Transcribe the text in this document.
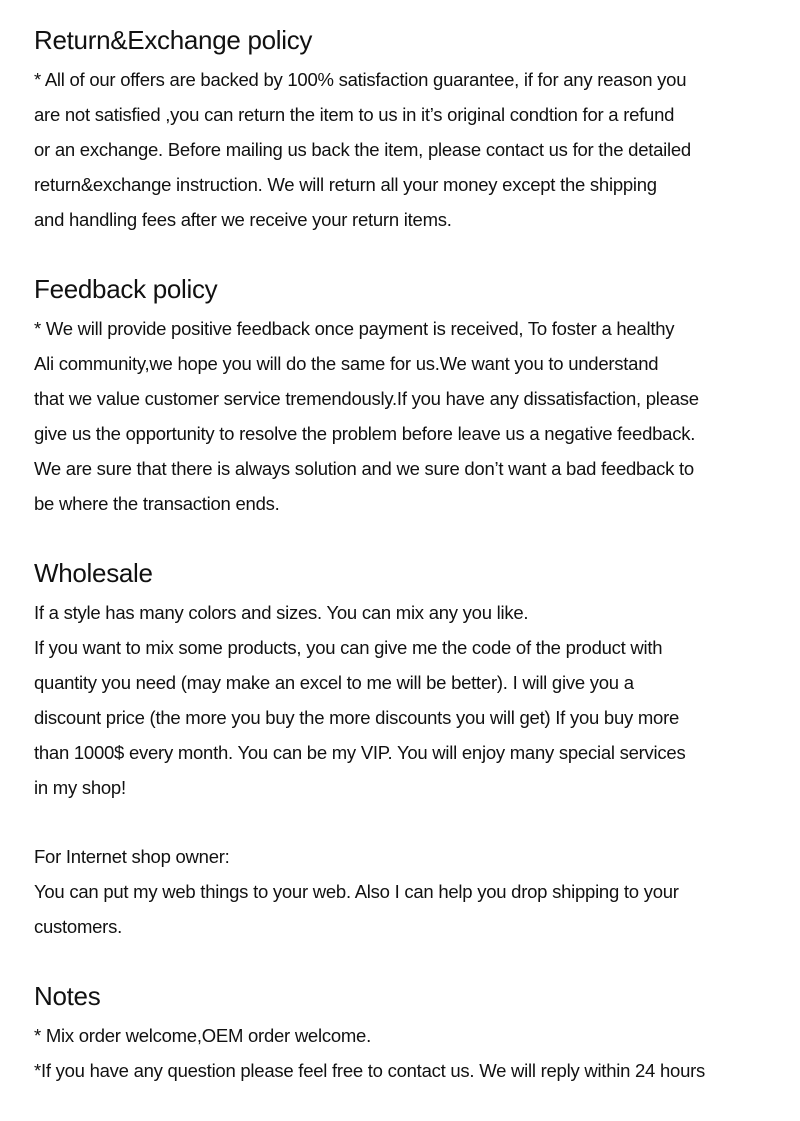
Return&Exchange policy

* All of our offers are backed by 100% satisfaction guarantee, if for any reason you
are not satisfied ,you can return the item to us in it’s original condtion for a refund
or an exchange. Before mailing us back the item, please contact us for the detailed
return&exchange instruction. We will return all your money except the shipping
and handling fees after we receive your return items.

Feedback policy

* We will provide positive feedback once payment is received, To foster a healthy
Ali community,we hope you will do the same for us.We want you to understand
that we value customer service tremendously.If you have any dissatisfaction, please
give us the opportunity to resolve the problem before leave us a negative feedback.
We are sure that there is always solution and we sure don’t want a bad feedback to
be where the transaction ends.

Wholesale

If a style has many colors and sizes. You can mix any you like.
If you want to mix some products, you can give me the code of the product with
quantity you need (may make an excel to me will be better). I will give you a
discount price (the more you buy the more discounts you will get) If you buy more
than 1000$ every month. You can be my VIP. You will enjoy many special services
in my shop!

For Internet shop owner:
You can put my web things to your web. Also I can help you drop shipping to your
customers.

Notes

* Mix order welcome,OEM order welcome.
*If you have any question please feel free to contact us. We will reply within 24 hours
